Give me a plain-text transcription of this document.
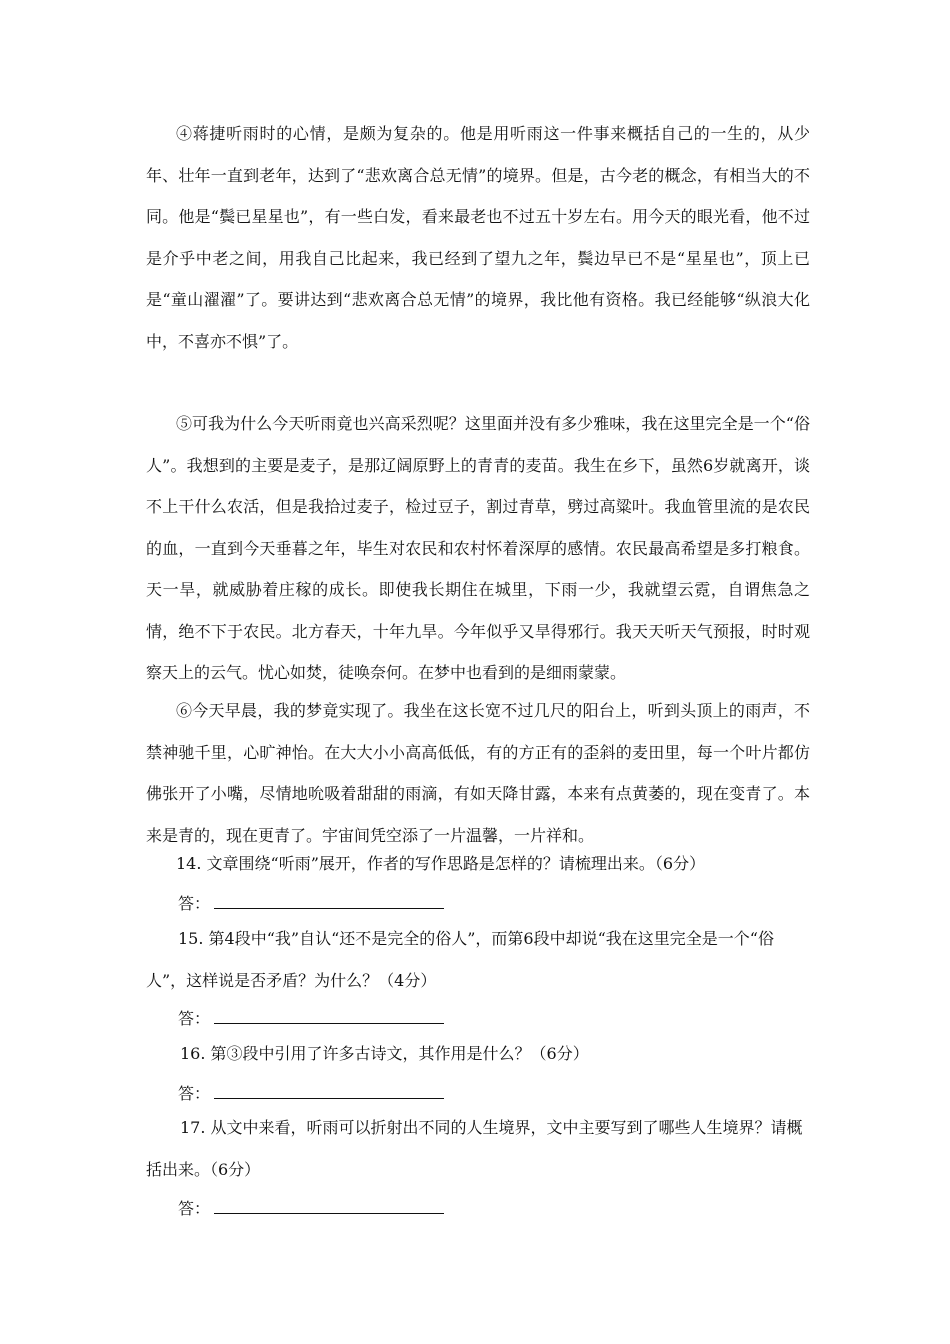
④蒋捷听雨时的心情，是颇为复杂的。他是用听雨这一件事来概括自己的一生的，从少年、壮年一直到老年，达到了“悲欢离合总无情”的境界。但是，古今老的概念，有相当大的不同。他是“鬓已星星也”，有一些白发，看来最老也不过五十岁左右。用今天的眼光看，他不过是介乎中老之间，用我自己比起来，我已经到了望九之年，鬓边早已不是“星星也”，顶上已是“童山濯濯”了。要讲达到“悲欢离合总无情”的境界，我比他有资格。我已经能够“纵浪大化中，不喜亦不惧”了。

⑤可我为什么今天听雨竟也兴高采烈呢？这里面并没有多少雅味，我在这里完全是一个“俗人”。我想到的主要是麦子，是那辽阔原野上的青青的麦苗。我生在乡下，虽然6岁就离开，谈不上干什么农活，但是我拾过麦子，检过豆子，割过青草，劈过高粱叶。我血管里流的是农民的血，一直到今天垂暮之年，毕生对农民和农村怀着深厚的感情。农民最高希望是多打粮食。天一旱，就威胁着庄稼的成长。即使我长期住在城里，下雨一少，我就望云霓，自谓焦急之情，绝不下于农民。北方春天，十年九旱。今年似乎又旱得邪行。我天天听天气预报，时时观察天上的云气。忧心如焚，徒唤奈何。在梦中也看到的是细雨蒙蒙。

⑥今天早晨，我的梦竟实现了。我坐在这长宽不过几尺的阳台上，听到头顶上的雨声，不禁神驰千里，心旷神怡。在大大小小高高低低，有的方正有的歪斜的麦田里，每一个叶片都仿佛张开了小嘴，尽情地吮吸着甜甜的雨滴，有如天降甘露，本来有点黄萎的，现在变青了。本来是青的，现在更青了。宇宙间凭空添了一片温馨，一片祥和。

14. 文章围绕“听雨”展开，作者的写作思路是怎样的？请梳理出来。（6分）

答：

15. 第4段中“我”自认“还不是完全的俗人”，而第6段中却说“我在这里完全是一个“俗人”，这样说是否矛盾？为什么？（4分）

答：

16. 第③段中引用了许多古诗文，其作用是什么？（6分）

答：

17. 从文中来看，听雨可以折射出不同的人生境界，文中主要写到了哪些人生境界？请概括出来。（6分）

答：
